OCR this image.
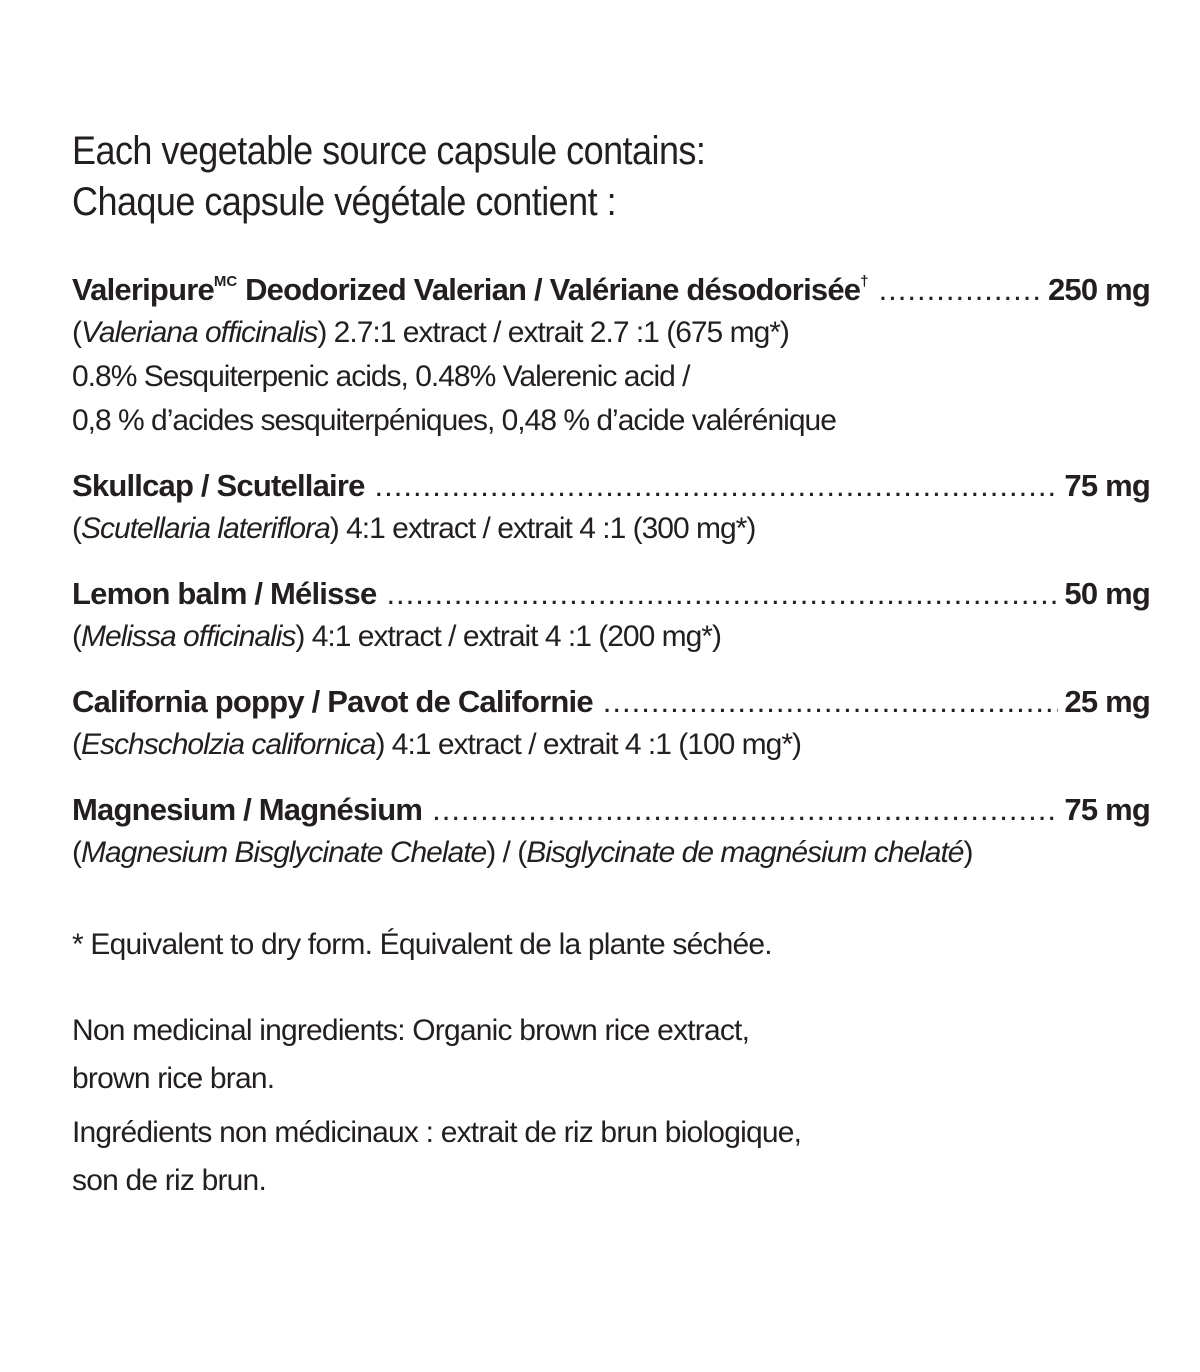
Each vegetable source capsule contains:
Chaque capsule végétale contient :
Valeripure$^{MC}$ Deodorized Valerian / Valériane désodorisée† .....	250 mg
(Valeriana officinalis) 2.7:1 extract / extrait 2.7 :1 (675 mg*)
0.8% Sesquiterpenic acids, 0.48% Valerenic acid /
0,8 % d’acides sesquiterpéniques, 0,48 % d’acide valérénique
Skullcap / Scutellaire .....	75 mg
(Scutellaria lateriflora) 4:1 extract / extrait 4 :1 (300 mg*)
Lemon balm / Mélisse .....	50 mg
(Melissa officinalis) 4:1 extract / extrait 4 :1 (200 mg*)
California poppy / Pavot de Californie .....	25 mg
(Eschscholzia californica) 4:1 extract / extrait 4 :1 (100 mg*)
Magnesium / Magnésium .....	75 mg
(Magnesium Bisglycinate Chelate) / (Bisglycinate de magnésium chelaté)
* Equivalent to dry form. Équivalent de la plante séchée.
Non medicinal ingredients: Organic brown rice extract,
brown rice bran.
Ingrédients non médicinaux : extrait de riz brun biologique,
son de riz brun.
